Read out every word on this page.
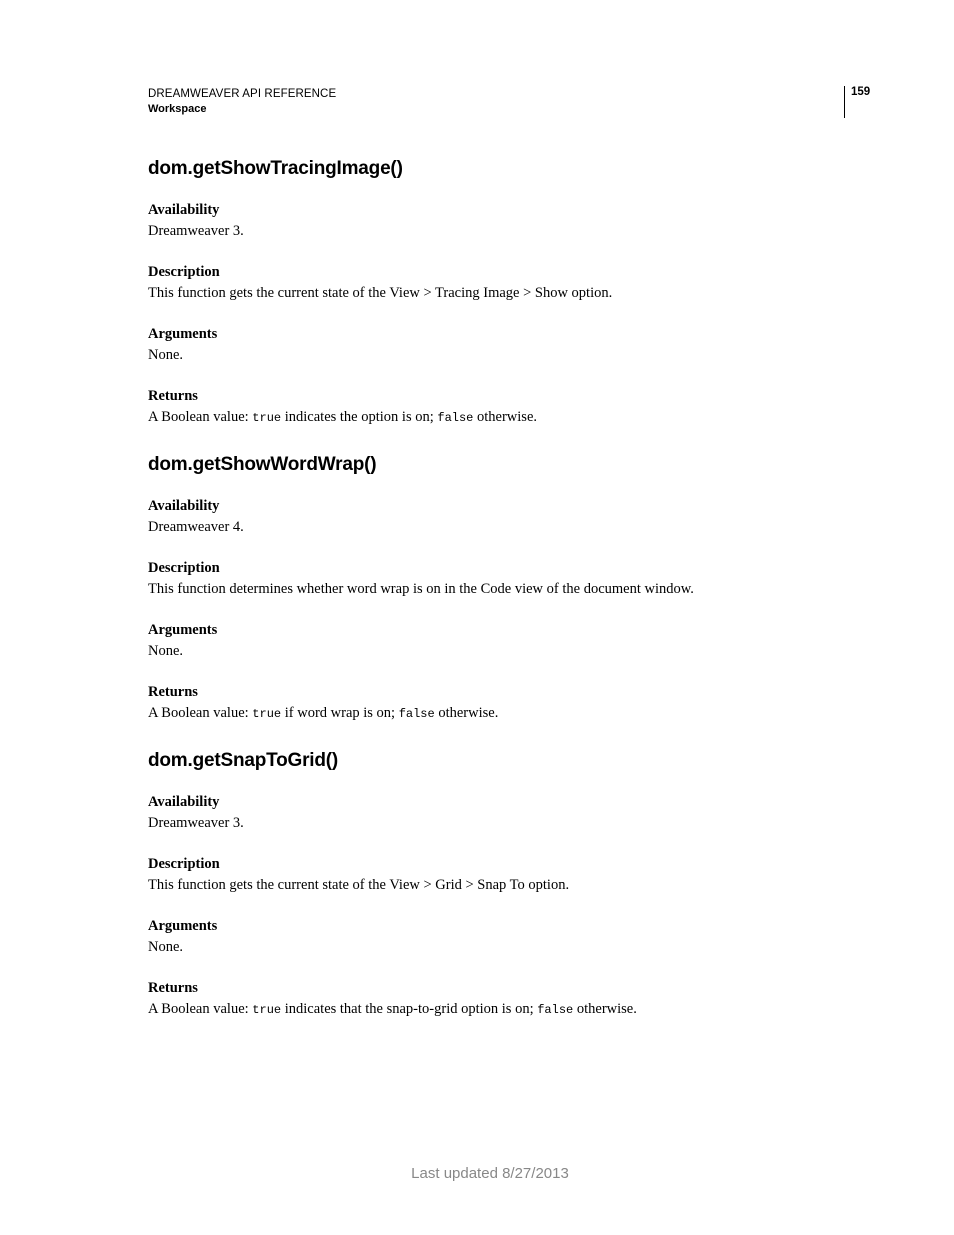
DREAMWEAVER API REFERENCE
Workspace
159
dom.getShowTracingImage()
Availability
Dreamweaver 3.
Description
This function gets the current state of the View > Tracing Image > Show option.
Arguments
None.
Returns
A Boolean value: true indicates the option is on; false otherwise.
dom.getShowWordWrap()
Availability
Dreamweaver 4.
Description
This function determines whether word wrap is on in the Code view of the document window.
Arguments
None.
Returns
A Boolean value: true if word wrap is on; false otherwise.
dom.getSnapToGrid()
Availability
Dreamweaver 3.
Description
This function gets the current state of the View > Grid > Snap To option.
Arguments
None.
Returns
A Boolean value: true indicates that the snap-to-grid option is on; false otherwise.
Last updated 8/27/2013
